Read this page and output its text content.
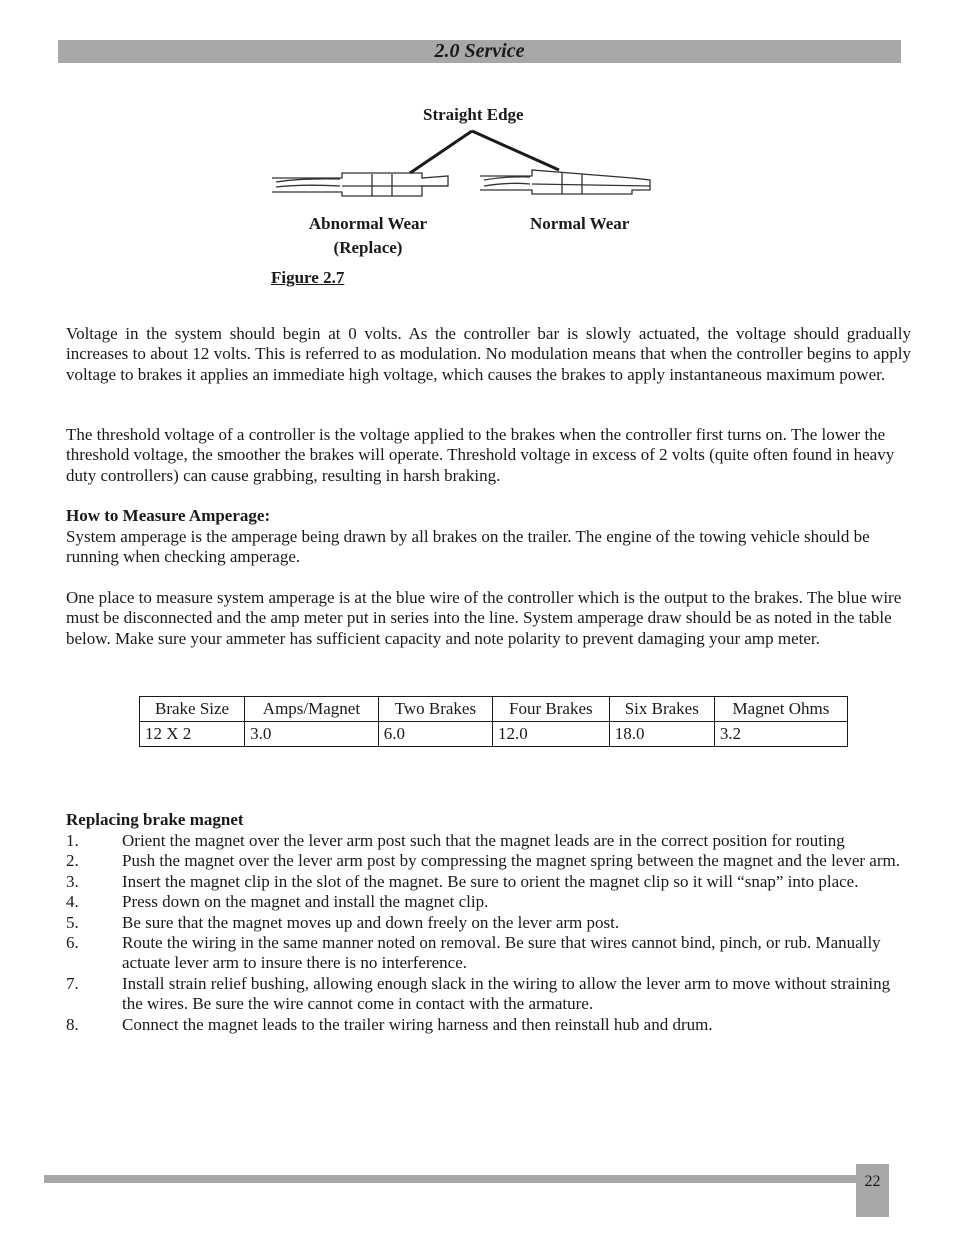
2.0 Service
Straight Edge
Abnormal Wear
(Replace)
Normal Wear
Figure 2.7

Voltage in the system should begin at 0 volts. As the controller bar is slowly actuated, the voltage should gradually increases to about 12 volts. This is referred to as modulation. No modulation means that when the controller begins to apply voltage to brakes it applies an immediate high voltage, which causes the brakes to apply instantaneous maximum power.

The threshold voltage of a controller is the voltage applied to the brakes when the controller first turns on. The lower the threshold voltage, the smoother the brakes will operate. Threshold voltage in excess of 2 volts (quite often found in heavy duty controllers) can cause grabbing, resulting in harsh braking.

How to Measure Amperage:

System amperage is the amperage being drawn by all brakes on the trailer. The engine of the towing vehicle should be running when checking amperage.

One place to measure system amperage is at the blue wire of the controller which is the output to the brakes. The blue wire must be disconnected and the amp meter put in series into the line. System amperage draw should be as noted in the table below. Make sure your ammeter has sufficient capacity and note polarity to prevent damaging your amp meter.

Brake Size	Amps/Magnet	Two Brakes	Four Brakes	Six Brakes	Magnet Ohms
12 X 2	3.0	6.0	12.0	18.0	3.2
Replacing brake magnet
1.	Orient the magnet over the lever arm post such that the magnet leads are in the correct position for routing
2.	Push the magnet over the lever arm post by compressing the magnet spring between the magnet and the lever arm.
3.	Insert the magnet clip in the slot of the magnet. Be sure to orient the magnet clip so it will “snap” into place.
4.	Press down on the magnet and install the magnet clip.
5.	Be sure that the magnet moves up and down freely on the lever arm post.
6.	Route the wiring in the same manner noted on removal. Be sure that wires cannot bind, pinch, or rub. Manually actuate lever arm to insure there is no interference.
7.	Install strain relief bushing, allowing enough slack in the wiring to allow the lever arm to move without straining the wires. Be sure the wire cannot come in contact with the armature.
8.	Connect the magnet leads to the trailer wiring harness and then reinstall hub and drum.
22
